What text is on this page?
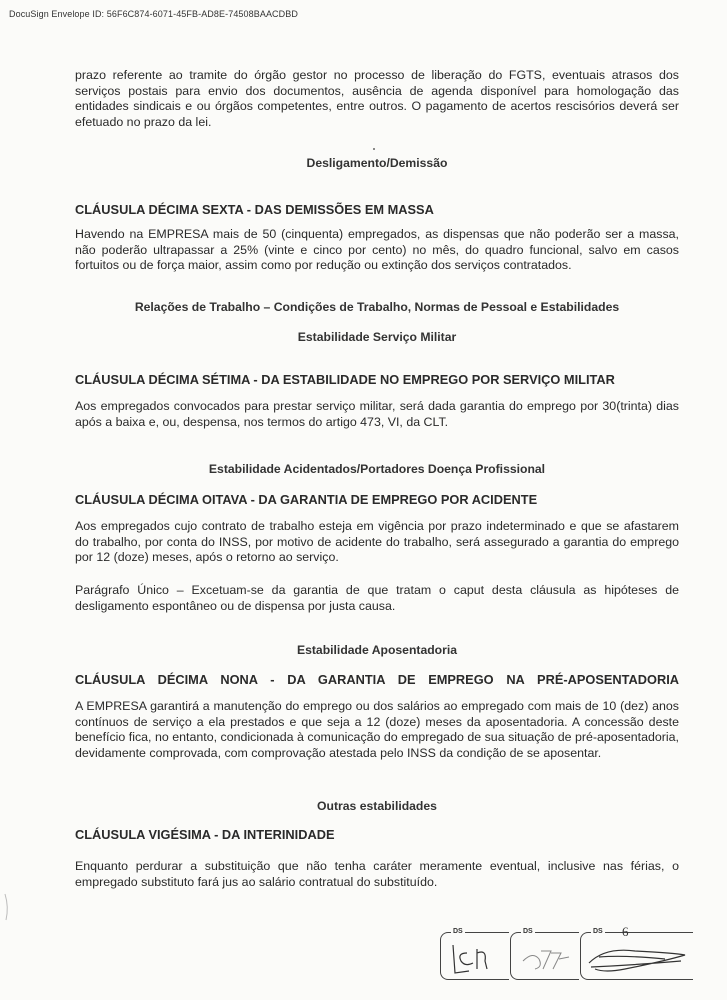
DocuSign Envelope ID: 56F6C874-6071-45FB-AD8E-74508BAACDBD

prazo referente ao tramite do órgão gestor no processo de liberação do FGTS, eventuais atrasos dos serviços postais para envio dos documentos, ausência de agenda disponível para homologação das entidades sindicais e ou órgãos competentes, entre outros. O pagamento de acertos rescisórios deverá ser efetuado no prazo da lei.

Desligamento/Demissão

CLÁUSULA DÉCIMA SEXTA - DAS DEMISSÕES EM MASSA

Havendo na EMPRESA mais de 50 (cinquenta) empregados, as dispensas que não poderão ser a massa, não poderão ultrapassar a 25% (vinte e cinco por cento) no mês, do quadro funcional, salvo em casos fortuitos ou de força maior, assim como por redução ou extinção dos serviços contratados.

Relações de Trabalho – Condições de Trabalho, Normas de Pessoal e Estabilidades
Estabilidade Serviço Militar

CLÁUSULA DÉCIMA SÉTIMA - DA ESTABILIDADE NO EMPREGO POR SERVIÇO MILITAR

Aos empregados convocados para prestar serviço militar, será dada garantia do emprego por 30(trinta) dias após a baixa e, ou, despensa, nos termos do artigo 473, VI, da CLT.

Estabilidade Acidentados/Portadores Doença Profissional

CLÁUSULA DÉCIMA OITAVA - DA GARANTIA DE EMPREGO POR ACIDENTE

Aos empregados cujo contrato de trabalho esteja em vigência por prazo indeterminado e que se afastarem do trabalho, por conta do INSS, por motivo de acidente do trabalho, será assegurado a garantia do emprego por 12 (doze) meses, após o retorno ao serviço.

Parágrafo Único – Excetuam-se da garantia de que tratam o caput desta cláusula as hipóteses de desligamento espontâneo ou de dispensa por justa causa.

Estabilidade Aposentadoria

CLÁUSULA DÉCIMA NONA - DA GARANTIA DE EMPREGO NA PRÉ-APOSENTADORIA

A EMPRESA garantirá a manutenção do emprego ou dos salários ao empregado com mais de 10 (dez) anos contínuos de serviço a ela prestados e que seja a 12 (doze) meses da aposentadoria. A concessão deste benefício fica, no entanto, condicionada à comunicação do empregado de sua situação de pré-aposentadoria, devidamente comprovada, com comprovação atestada pelo INSS da condição de se aposentar.

Outras estabilidades

CLÁUSULA VIGÉSIMA - DA INTERINIDADE

Enquanto perdurar a substituição que não tenha caráter meramente eventual, inclusive nas férias, o empregado substituto fará jus ao salário contratual do substituído.

DS	DS	DS 6
